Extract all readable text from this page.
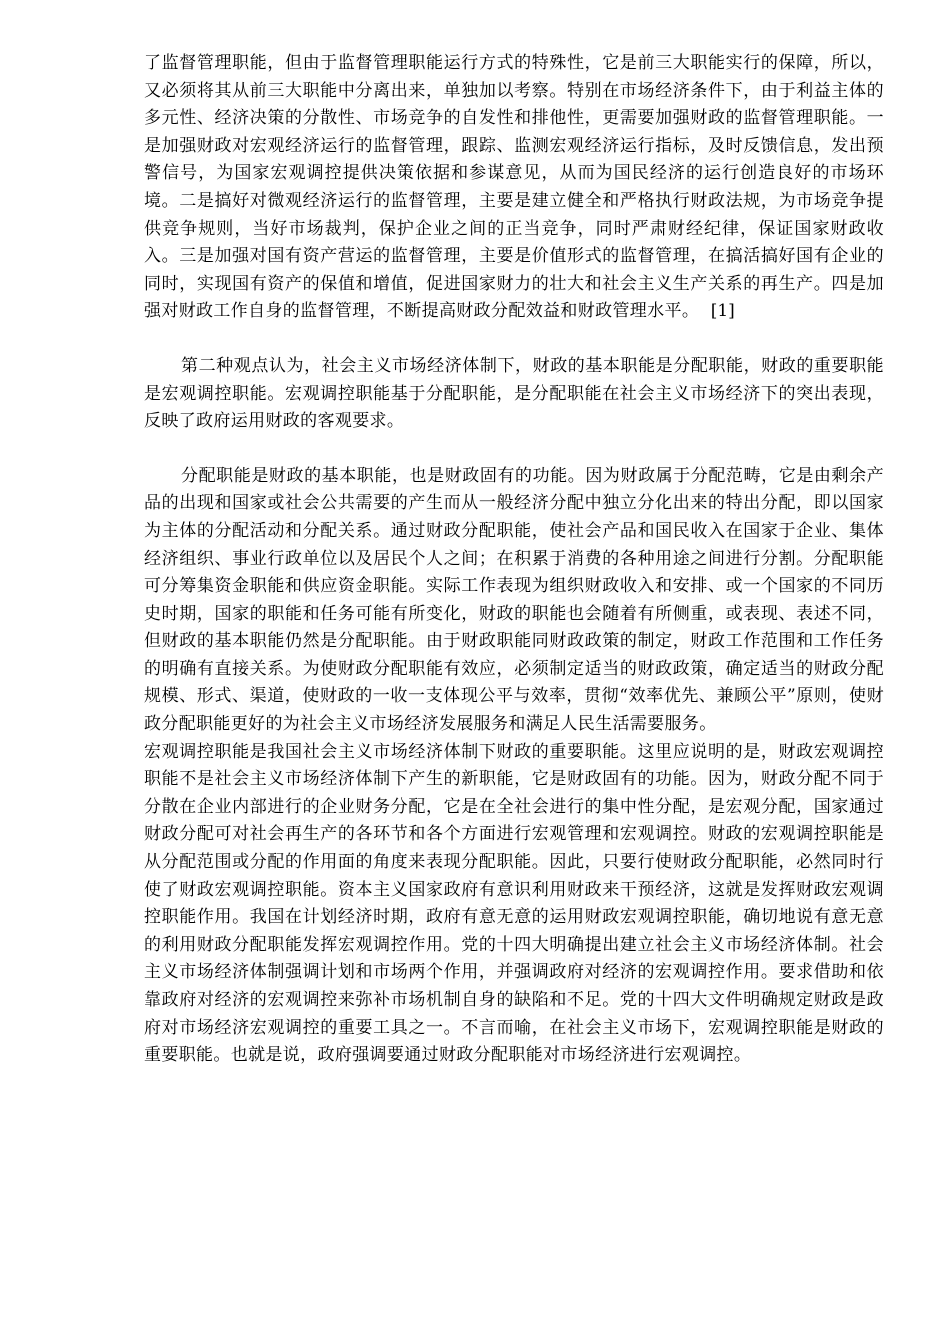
了监督管理职能，但由于监督管理职能运行方式的特殊性，它是前三大职能实行的保障，所以，又必须将其从前三大职能中分离出来，单独加以考察。特别在市场经济条件下，由于利益主体的多元性、经济决策的分散性、市场竞争的自发性和排他性，更需要加强财政的监督管理职能。一是加强财政对宏观经济运行的监督管理，跟踪、监测宏观经济运行指标，及时反馈信息，发出预警信号，为国家宏观调控提供决策依据和参谋意见，从而为国民经济的运行创造良好的市场环境。二是搞好对微观经济运行的监督管理，主要是建立健全和严格执行财政法规，为市场竞争提供竞争规则，当好市场裁判，保护企业之间的正当竞争，同时严肃财经纪律，保证国家财政收入。三是加强对国有资产营运的监督管理，主要是价值形式的监督管理，在搞活搞好国有企业的同时，实现国有资产的保值和增值，促进国家财力的壮大和社会主义生产关系的再生产。四是加强对财政工作自身的监督管理，不断提高财政分配效益和财政管理水平。 [1]

第二种观点认为，社会主义市场经济体制下，财政的基本职能是分配职能，财政的重要职能是宏观调控职能。宏观调控职能基于分配职能，是分配职能在社会主义市场经济下的突出表现，反映了政府运用财政的客观要求。

分配职能是财政的基本职能，也是财政固有的功能。因为财政属于分配范畴，它是由剩余产品的出现和国家或社会公共需要的产生而从一般经济分配中独立分化出来的特出分配，即以国家为主体的分配活动和分配关系。通过财政分配职能，使社会产品和国民收入在国家于企业、集体经济组织、事业行政单位以及居民个人之间；在积累于消费的各种用途之间进行分割。分配职能可分筹集资金职能和供应资金职能。实际工作表现为组织财政收入和安排、或一个国家的不同历史时期，国家的职能和任务可能有所变化，财政的职能也会随着有所侧重，或表现、表述不同，但财政的基本职能仍然是分配职能。由于财政职能同财政政策的制定，财政工作范围和工作任务的明确有直接关系。为使财政分配职能有效应，必须制定适当的财政政策，确定适当的财政分配规模、形式、渠道，使财政的一收一支体现公平与效率，贯彻“效率优先、兼顾公平”原则，使财政分配职能更好的为社会主义市场经济发展服务和满足人民生活需要服务。

宏观调控职能是我国社会主义市场经济体制下财政的重要职能。这里应说明的是，财政宏观调控职能不是社会主义市场经济体制下产生的新职能，它是财政固有的功能。因为，财政分配不同于分散在企业内部进行的企业财务分配，它是在全社会进行的集中性分配，是宏观分配，国家通过财政分配可对社会再生产的各环节和各个方面进行宏观管理和宏观调控。财政的宏观调控职能是从分配范围或分配的作用面的角度来表现分配职能。因此，只要行使财政分配职能，必然同时行使了财政宏观调控职能。资本主义国家政府有意识利用财政来干预经济，这就是发挥财政宏观调控职能作用。我国在计划经济时期，政府有意无意的运用财政宏观调控职能，确切地说有意无意的利用财政分配职能发挥宏观调控作用。党的十四大明确提出建立社会主义市场经济体制。社会主义市场经济体制强调计划和市场两个作用，并强调政府对经济的宏观调控作用。要求借助和依靠政府对经济的宏观调控来弥补市场机制自身的缺陷和不足。党的十四大文件明确规定财政是政府对市场经济宏观调控的重要工具之一。不言而喻，在社会主义市场下，宏观调控职能是财政的重要职能。也就是说，政府强调要通过财政分配职能对市场经济进行宏观调控。
